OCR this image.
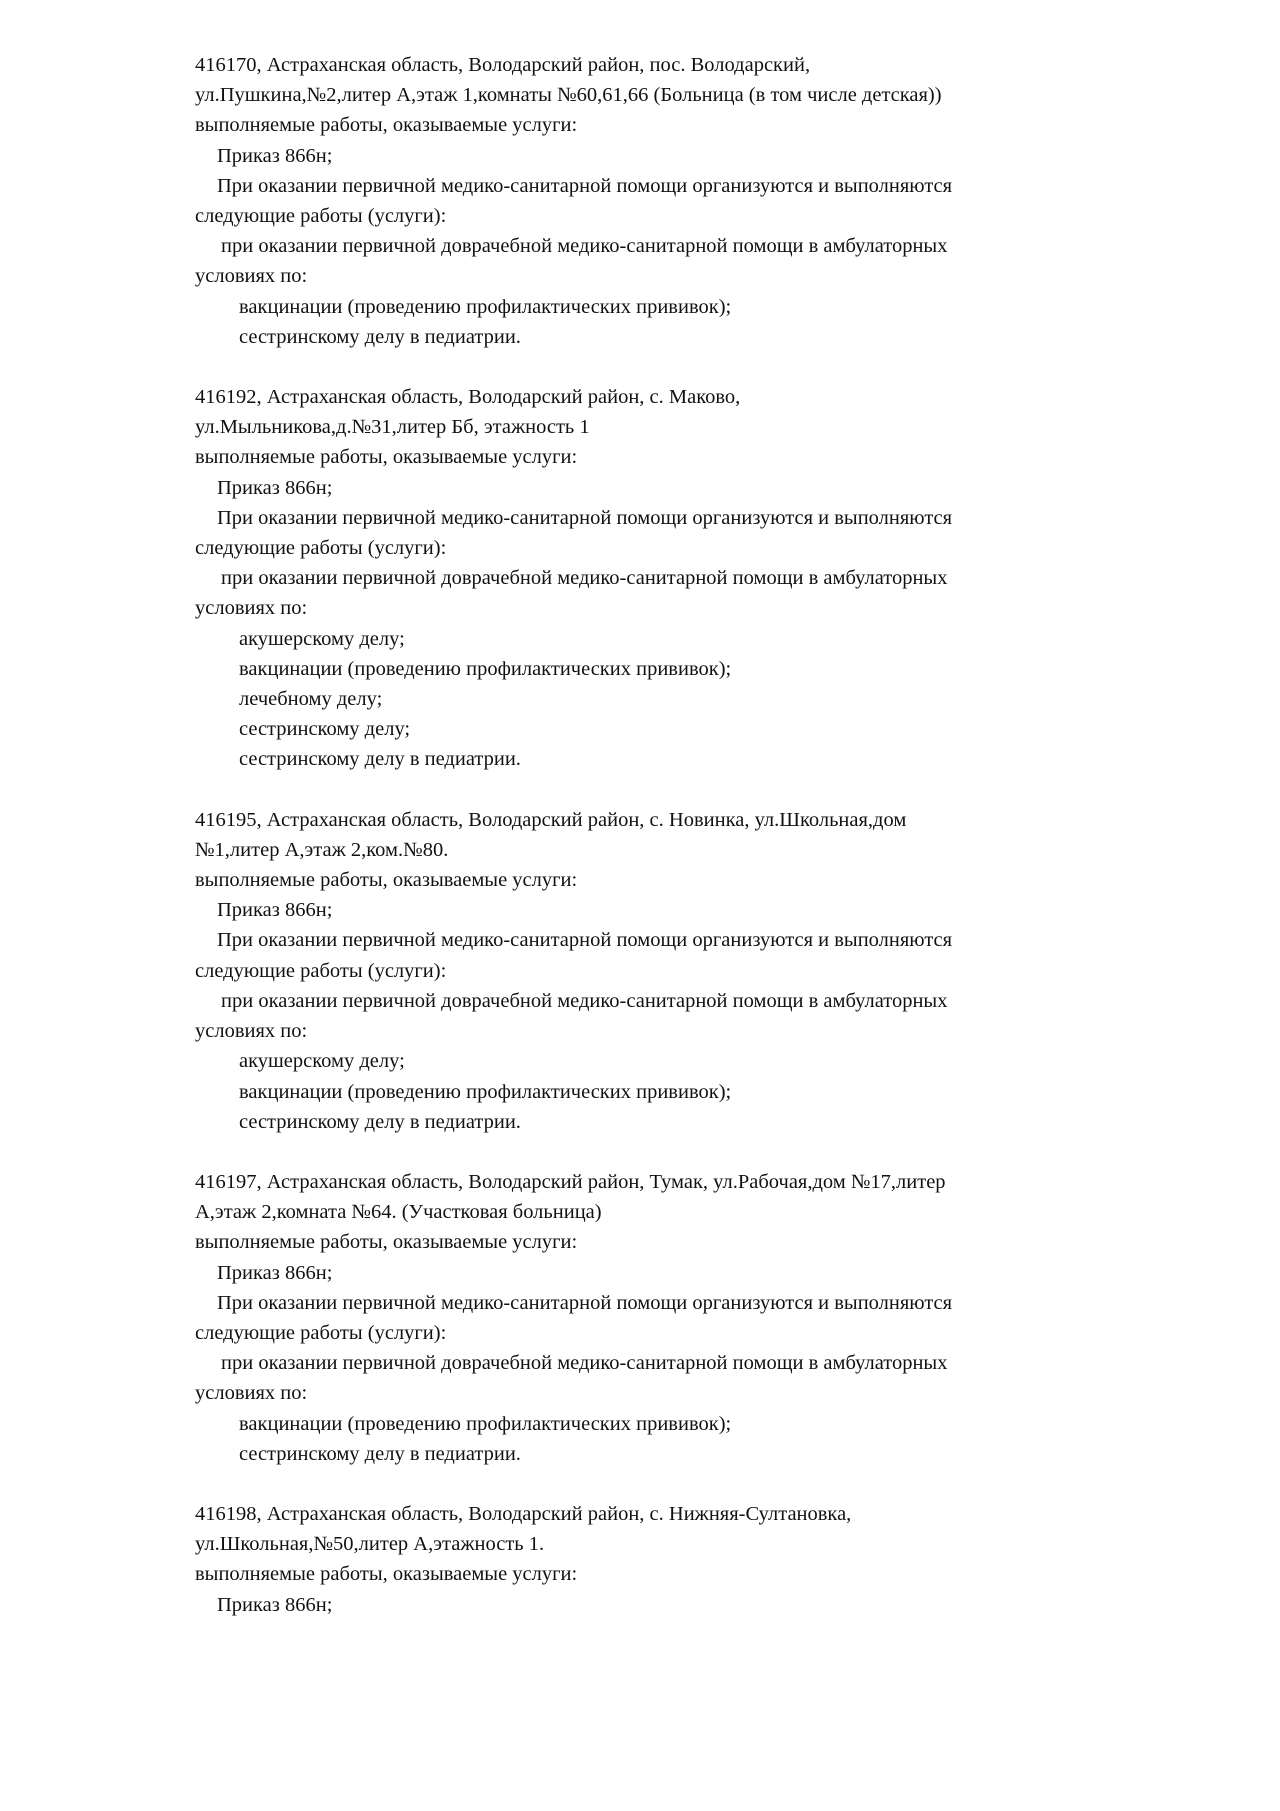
416170, Астраханская область, Володарский район, пос. Володарский,
ул.Пушкина,№2,литер А,этаж 1,комнаты №60,61,66 (Больница (в том числе детская))
выполняемые работы, оказываемые услуги:
Приказ 866н;
При оказании первичной медико-санитарной помощи организуются и выполняются
следующие работы (услуги):
при оказании первичной доврачебной медико-санитарной помощи в амбулаторных
условиях по:
вакцинации (проведению профилактических прививок);
сестринскому делу в педиатрии.
416192, Астраханская область, Володарский район, с. Маково,
ул.Мыльникова,д.№31,литер Бб, этажность 1
выполняемые работы, оказываемые услуги:
Приказ 866н;
При оказании первичной медико-санитарной помощи организуются и выполняются
следующие работы (услуги):
при оказании первичной доврачебной медико-санитарной помощи в амбулаторных
условиях по:
акушерскому делу;
вакцинации (проведению профилактических прививок);
лечебному делу;
сестринскому делу;
сестринскому делу в педиатрии.
416195, Астраханская область, Володарский район, с. Новинка, ул.Школьная,дом
№1,литер А,этаж 2,ком.№80.
выполняемые работы, оказываемые услуги:
Приказ 866н;
При оказании первичной медико-санитарной помощи организуются и выполняются
следующие работы (услуги):
при оказании первичной доврачебной медико-санитарной помощи в амбулаторных
условиях по:
акушерскому делу;
вакцинации (проведению профилактических прививок);
сестринскому делу в педиатрии.
416197, Астраханская область, Володарский район, Тумак, ул.Рабочая,дом №17,литер
А,этаж 2,комната №64. (Участковая больница)
выполняемые работы, оказываемые услуги:
Приказ 866н;
При оказании первичной медико-санитарной помощи организуются и выполняются
следующие работы (услуги):
при оказании первичной доврачебной медико-санитарной помощи в амбулаторных
условиях по:
вакцинации (проведению профилактических прививок);
сестринскому делу в педиатрии.
416198, Астраханская область, Володарский район, с. Нижняя-Султановка,
ул.Школьная,№50,литер А,этажность 1.
выполняемые работы, оказываемые услуги:
Приказ 866н;
